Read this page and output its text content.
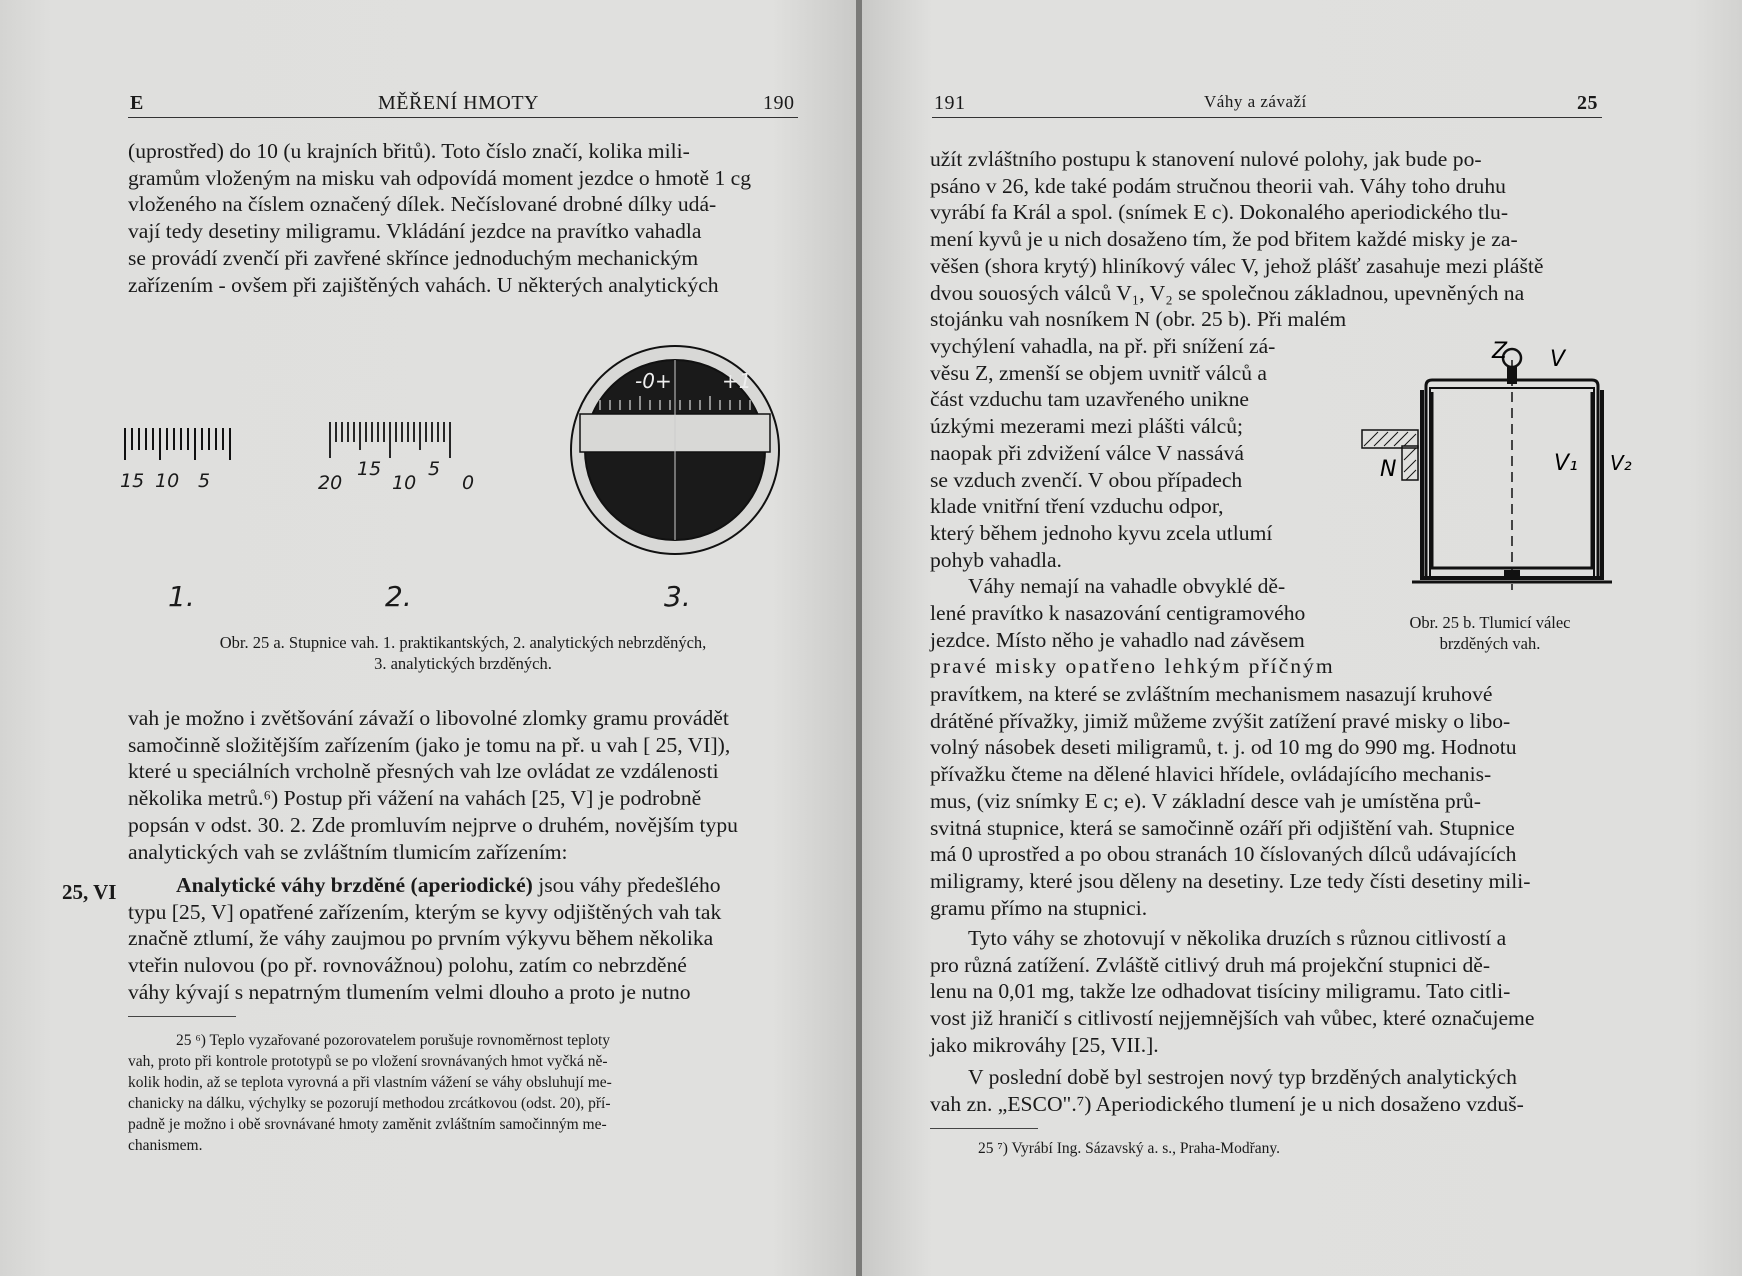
E	MĚŘENÍ HMOTY	190
(uprostřed) do 10 (u krajních břitů). Toto číslo značí, kolika mili-
gramům vloženým na misku vah odpovídá moment jezdce o hmotě 1 cg
vloženého na číslem označený dílek. Nečíslované drobné dílky udá-
vají tedy desetiny miligramu. Vkládání jezdce na pravítko vahadla
se provádí zvenčí při zavřené skřínce jednoduchým mechanickým
zařízením - ovšem při zajištěných vahách. U některých analytických
-0+	+1
15 10 5	20
15
10
5
0
1.	2.	3.
Obr. 25 a. Stupnice vah. 1. praktikantských, 2. analytických nebrzděných,
3. analytických brzděných.
vah je možno i zvětšování závaží o libovolné zlomky gramu provádět
samočinně složitějším zařízením (jako je tomu na př. u vah [ 25, VI]),
které u speciálních vrcholně přesných vah lze ovládat ze vzdálenosti
několika metrů.⁶) Postup při vážení na vahách [25, V] je podrobně
popsán v odst. 30. 2. Zde promluvím nejprve o druhém, novějším typu
analytických vah se zvláštním tlumicím zařízením:
25, VI	Analytické váhy brzděné (aperiodické) jsou váhy předešlého
typu [25, V] opatřené zařízením, kterým se kyvy odjištěných vah tak
značně ztlumí, že váhy zaujmou po prvním výkyvu během několika
vteřin nulovou (po př. rovnovážnou) polohu, zatím co nebrzděné
váhy kývají s nepatrným tlumením velmi dlouho a proto je nutno
25 ⁶) Teplo vyzařované pozorovatelem porušuje rovnoměrnost teploty
vah, proto při kontrole prototypů se po vložení srovnávaných hmot vyčká ně-
kolik hodin, až se teplota vyrovná a při vlastním vážení se váhy obsluhují me-
chanicky na dálku, výchylky se pozorují methodou zrcátkovou (odst. 20), pří-
padně je možno i obě srovnávané hmoty zaměnit zvláštním samočinným me-
chanismem.
191	Váhy a závaží	25
užít zvláštního postupu k stanovení nulové polohy, jak bude po-
psáno v 26, kde také podám stručnou theorii vah. Váhy toho druhu
vyrábí fa Král a spol. (snímek E c). Dokonalého aperiodického tlu-
mení kyvů je u nich dosaženo tím, že pod břitem každé misky je za-
věšen (shora krytý) hliníkový válec V, jehož plášť zasahuje mezi pláště
dvou souosých válců V₁, V₂ se společnou základnou, upevněných na
stojánku vah nosníkem N (obr. 25 b). Při malém
vychýlení vahadla, na př. při snížení zá-
věsu Z, zmenší se objem uvnitř válců a
část vzduchu tam uzavřeného unikne
úzkými mezerami mezi plášti válců;
naopak při zdvižení válce V nassává
se vzduch zvenčí. V obou případech
klade vnitřní tření vzduchu odpor,
který během jednoho kyvu zcela utlumí
pohyb vahadla.
Váhy nemají na vahadle obvyklé dě-
lené pravítko k nasazování centigramového
jezdce. Místo něho je vahadlo nad závěsem
pravé misky opatřeno lehkým příčným
Z V
V₁ V₂
N
Obr. 25 b. Tlumicí válec
brzděných vah.
pravítkem, na které se zvláštním mechanismem nasazují kruhové
drátěné přívažky, jimiž můžeme zvýšit zatížení pravé misky o libo-
volný násobek deseti miligramů, t. j. od 10 mg do 990 mg. Hodnotu
přívažku čteme na dělené hlavici hřídele, ovládajícího mechanis-
mus, (viz snímky E c; e). V základní desce vah je umístěna prů-
svitná stupnice, která se samočinně ozáří při odjištění vah. Stupnice
má 0 uprostřed a po obou stranách 10 číslovaných dílců udávajících
miligramy, které jsou děleny na desetiny. Lze tedy čísti desetiny mili-
gramu přímo na stupnici.
Tyto váhy se zhotovují v několika druzích s různou citlivostí a
pro různá zatížení. Zvláště citlivý druh má projekční stupnici dě-
lenu na 0,01 mg, takže lze odhadovat tisíciny miligramu. Tato citli-
vost již hraničí s citlivostí nejjemnějších vah vůbec, které označujeme
jako mikrováhy [25, VII.].
V poslední době byl sestrojen nový typ brzděných analytických
vah zn. „ESCO".⁷) Aperiodického tlumení je u nich dosaženo vzduš-
25 ⁷) Vyrábí Ing. Sázavský a. s., Praha-Modřany.
